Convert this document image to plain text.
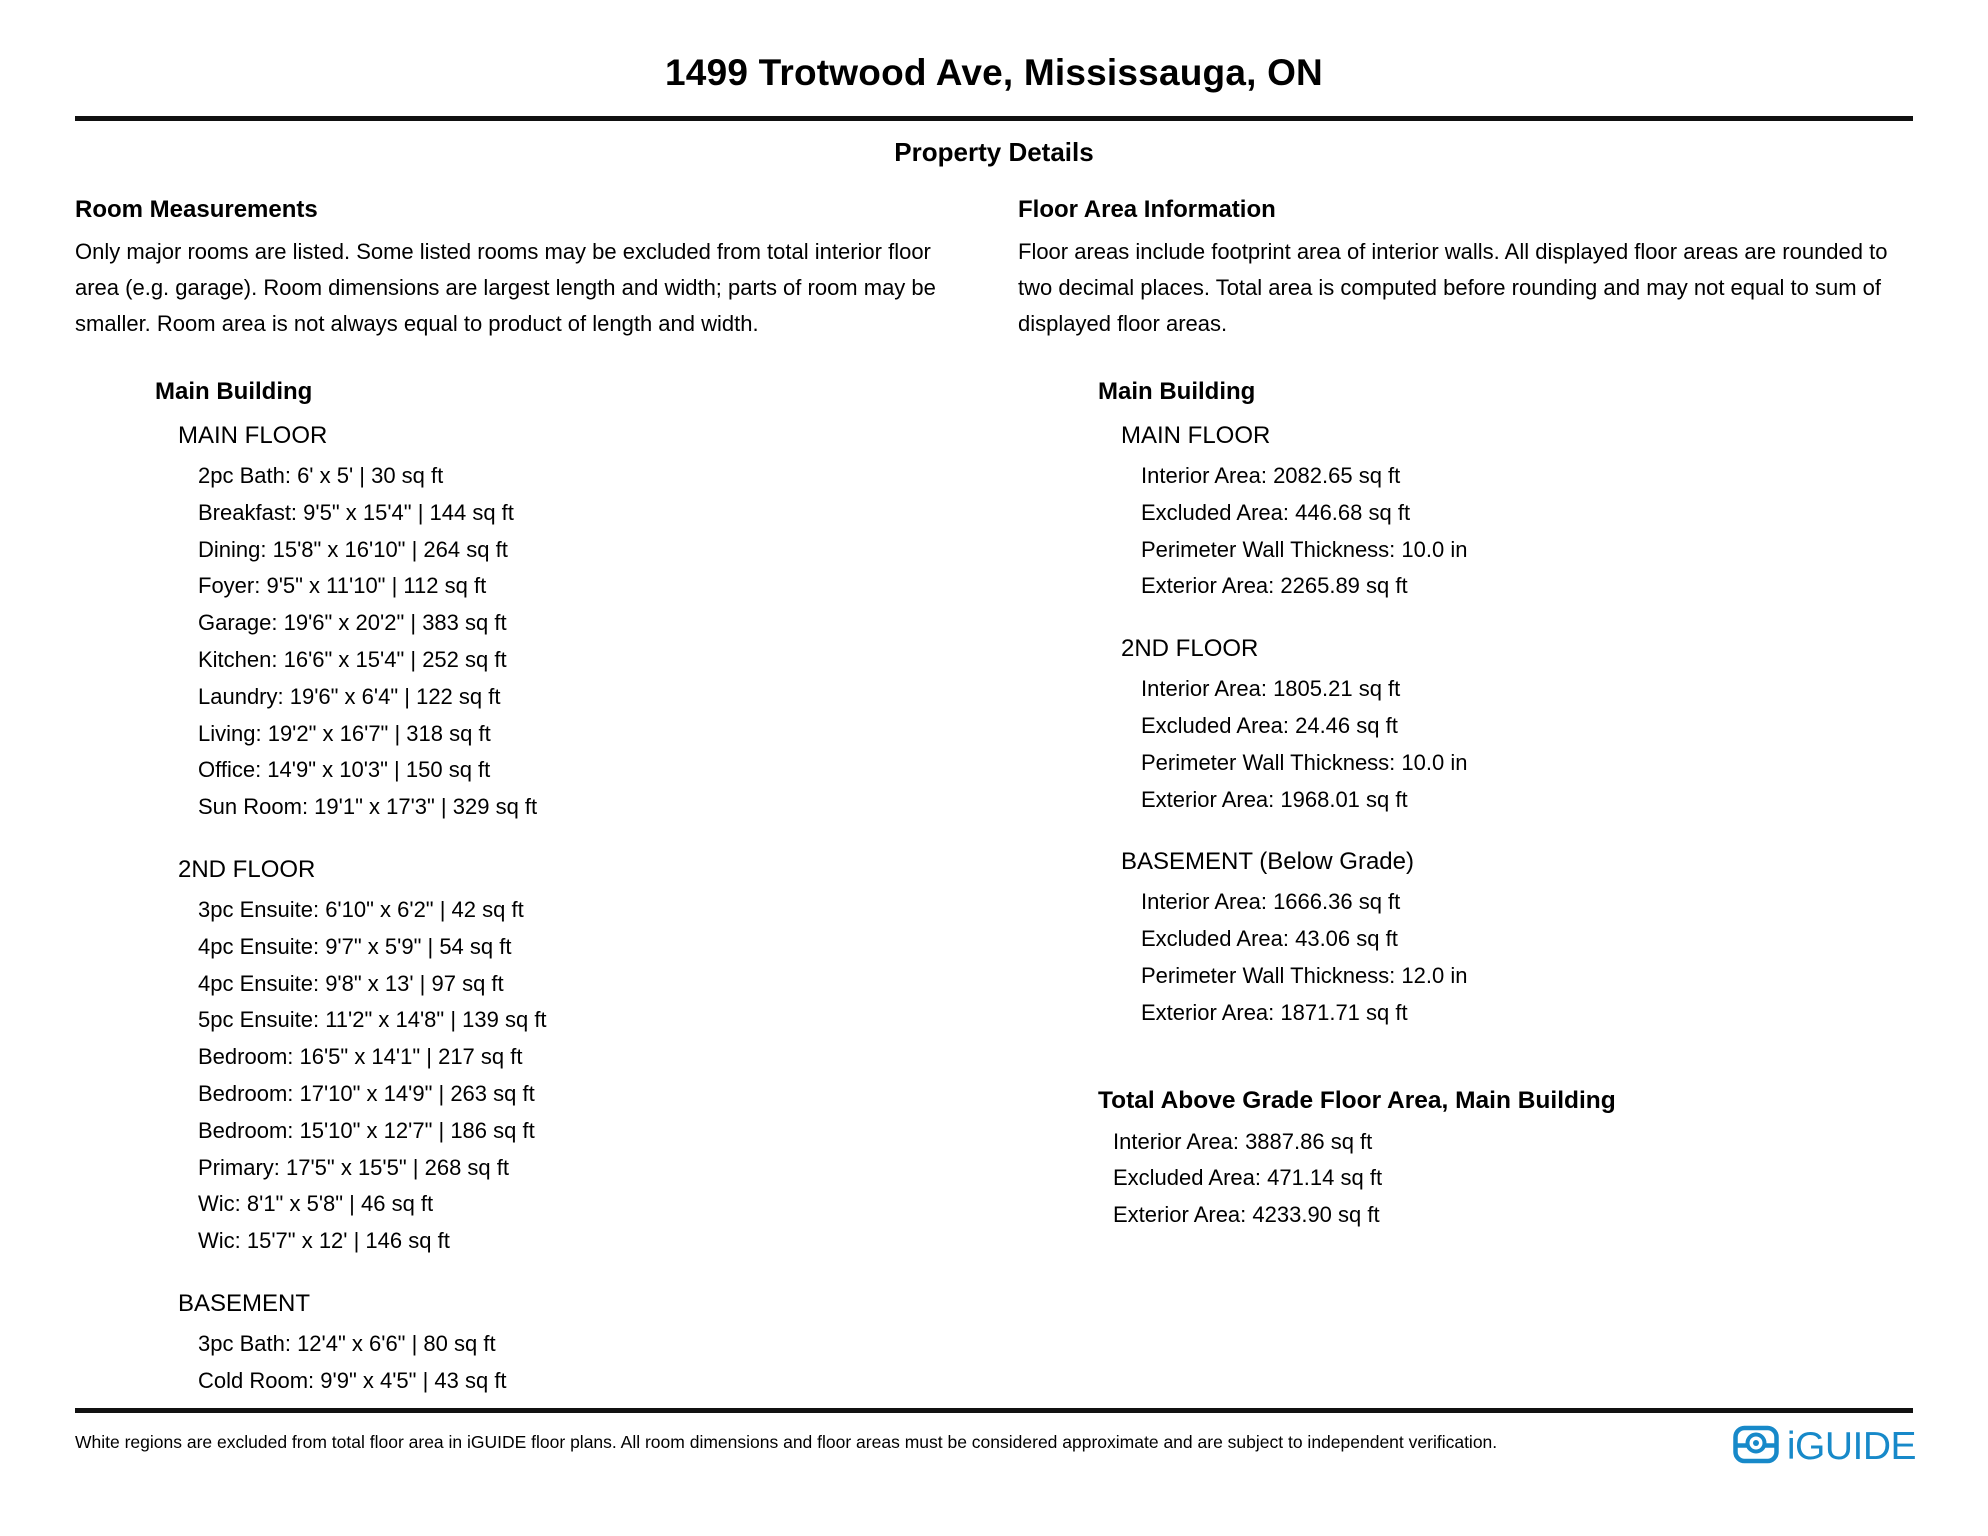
1499 Trotwood Ave, Mississauga, ON
Property Details
Room Measurements
Only major rooms are listed. Some listed rooms may be excluded from total interior floor area (e.g. garage). Room dimensions are largest length and width; parts of room may be smaller. Room area is not always equal to product of length and width.
Main Building
MAIN FLOOR
2pc Bath: 6' x 5' | 30 sq ft
Breakfast: 9'5" x 15'4" | 144 sq ft
Dining: 15'8" x 16'10" | 264 sq ft
Foyer: 9'5" x 11'10" | 112 sq ft
Garage: 19'6" x 20'2" | 383 sq ft
Kitchen: 16'6" x 15'4" | 252 sq ft
Laundry: 19'6" x 6'4" | 122 sq ft
Living: 19'2" x 16'7" | 318 sq ft
Office: 14'9" x 10'3" | 150 sq ft
Sun Room: 19'1" x 17'3" | 329 sq ft
2ND FLOOR
3pc Ensuite: 6'10" x 6'2" | 42 sq ft
4pc Ensuite: 9'7" x 5'9" | 54 sq ft
4pc Ensuite: 9'8" x 13' | 97 sq ft
5pc Ensuite: 11'2" x 14'8" | 139 sq ft
Bedroom: 16'5" x 14'1" | 217 sq ft
Bedroom: 17'10" x 14'9" | 263 sq ft
Bedroom: 15'10" x 12'7" | 186 sq ft
Primary: 17'5" x 15'5" | 268 sq ft
Wic: 8'1" x 5'8" | 46 sq ft
Wic: 15'7" x 12' | 146 sq ft
BASEMENT
3pc Bath: 12'4" x 6'6" | 80 sq ft
Cold Room: 9'9" x 4'5" | 43 sq ft
Floor Area Information
Floor areas include footprint area of interior walls. All displayed floor areas are rounded to two decimal places. Total area is computed before rounding and may not equal to sum of displayed floor areas.
Main Building
MAIN FLOOR
Interior Area: 2082.65 sq ft
Excluded Area: 446.68 sq ft
Perimeter Wall Thickness: 10.0 in
Exterior Area: 2265.89 sq ft
2ND FLOOR
Interior Area: 1805.21 sq ft
Excluded Area: 24.46 sq ft
Perimeter Wall Thickness: 10.0 in
Exterior Area: 1968.01 sq ft
BASEMENT (Below Grade)
Interior Area: 1666.36 sq ft
Excluded Area: 43.06 sq ft
Perimeter Wall Thickness: 12.0 in
Exterior Area: 1871.71 sq ft
Total Above Grade Floor Area, Main Building
Interior Area: 3887.86 sq ft
Excluded Area: 471.14 sq ft
Exterior Area: 4233.90 sq ft
White regions are excluded from total floor area in iGUIDE floor plans. All room dimensions and floor areas must be considered approximate and are subject to independent verification.	iGUIDE
